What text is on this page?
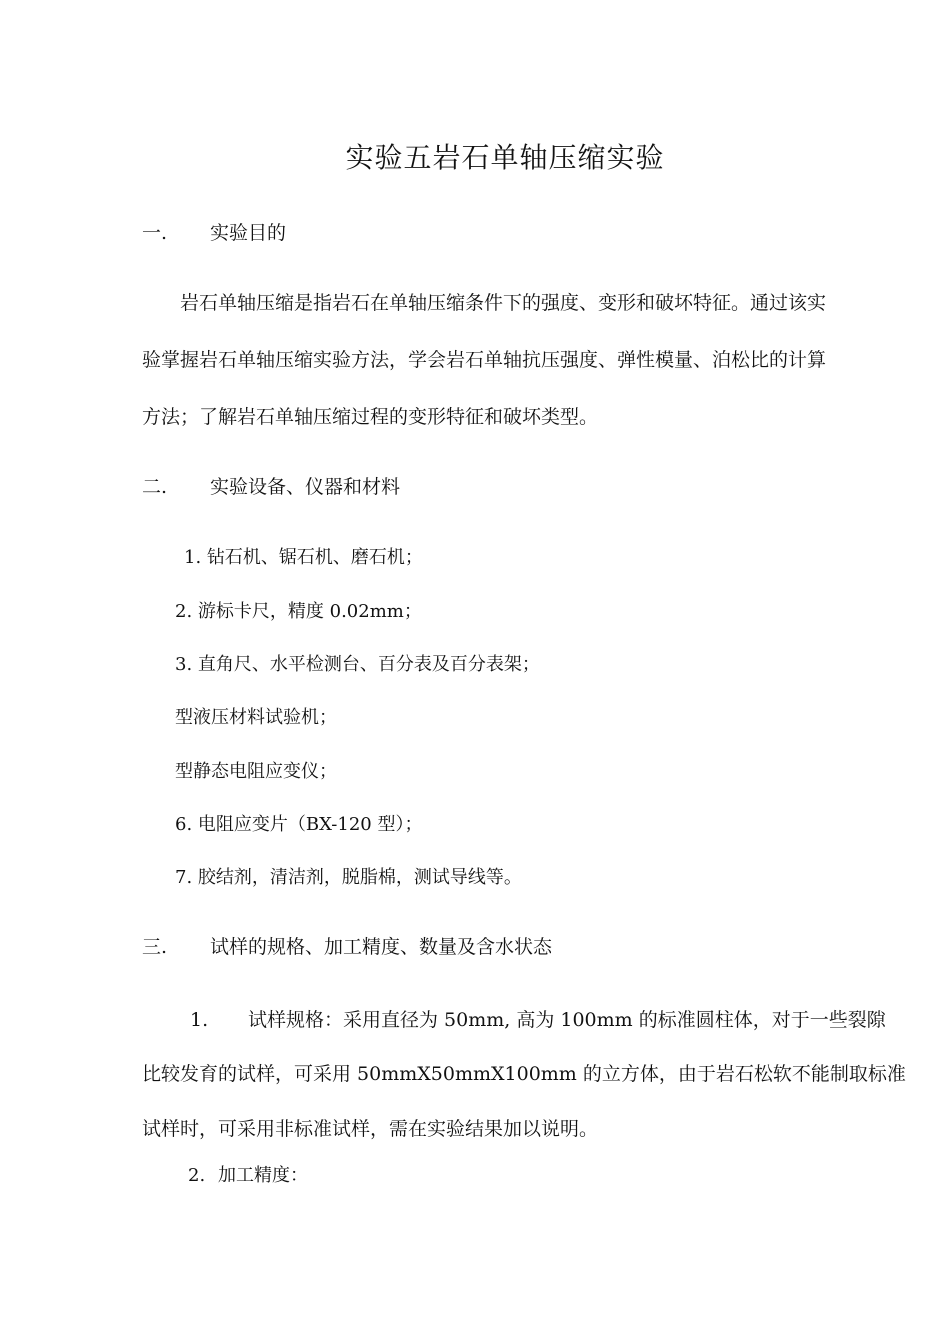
实验五岩石单轴压缩实验
一. 实验目的
岩石单轴压缩是指岩石在单轴压缩条件下的强度、变形和破坏特征。通过该实
验掌握岩石单轴压缩实验方法，学会岩石单轴抗压强度、弹性模量、泊松比的计算
方法；了解岩石单轴压缩过程的变形特征和破坏类型。
二. 实验设备、仪器和材料
1. 钻石机、锯石机、磨石机；
2. 游标卡尺，精度 0.02mm；
3. 直角尺、水平检测台、百分表及百分表架；
型液压材料试验机；
型静态电阻应变仪；
6. 电阻应变片（BX-120 型）；
7. 胶结剂，清洁剂，脱脂棉，测试导线等。
三. 试样的规格、加工精度、数量及含水状态
1. 试样规格：采用直径为 50mm, 高为 100mm 的标准圆柱体，对于一些裂隙
比较发育的试样，可采用 50mmX50mmX100mm 的立方体，由于岩石松软不能制取标准
试样时，可采用非标准试样，需在实验结果加以说明。
2. 加工精度：
